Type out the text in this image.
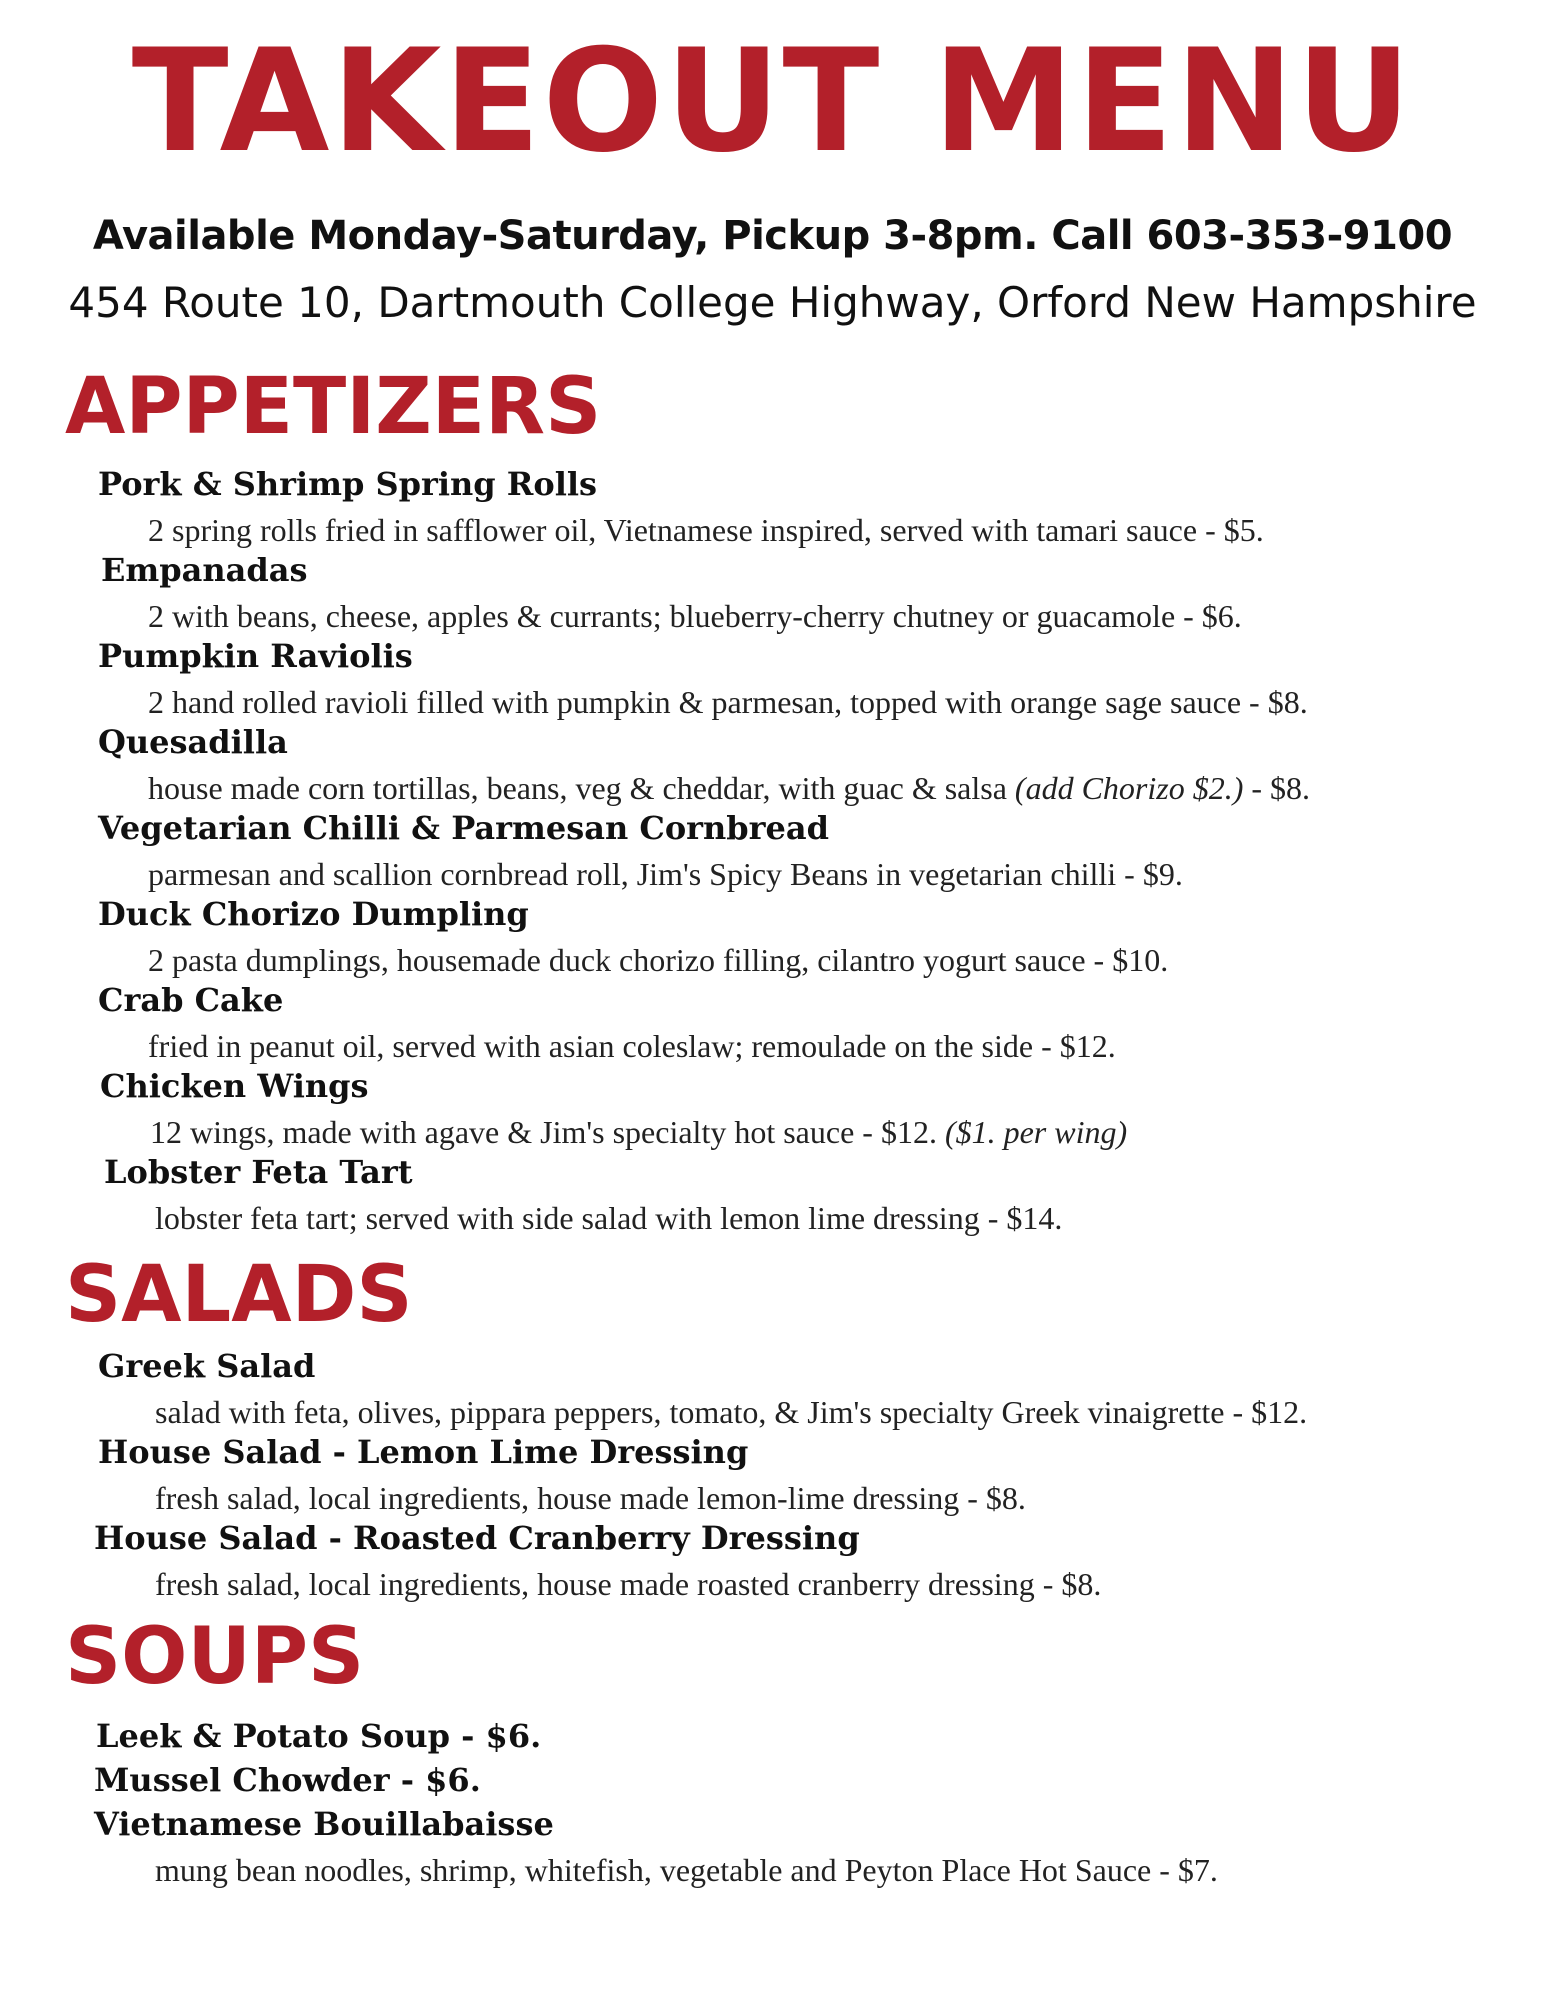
TAKEOUT MENU
Available Monday-Saturday, Pickup 3-8pm. Call 603-353-9100
454 Route 10, Dartmouth College Highway, Orford New Hampshire
APPETIZERS
Pork & Shrimp Spring Rolls
2 spring rolls fried in safflower oil, Vietnamese inspired, served with tamari sauce - $5.
Empanadas
2 with beans, cheese, apples & currants; blueberry-cherry chutney or guacamole - $6.
Pumpkin Raviolis
2 hand rolled ravioli filled with pumpkin & parmesan, topped with orange sage sauce - $8.
Quesadilla
house made corn tortillas, beans, veg & cheddar, with guac & salsa (add Chorizo $2.) - $8.
Vegetarian Chilli & Parmesan Cornbread
parmesan and scallion cornbread roll, Jim's Spicy Beans in vegetarian chilli - $9.
Duck Chorizo Dumpling
2 pasta dumplings, housemade duck chorizo filling, cilantro yogurt sauce - $10.
Crab Cake
fried in peanut oil, served with asian coleslaw; remoulade on the side - $12.
Chicken Wings
12 wings, made with agave & Jim's specialty hot sauce - $12. ($1. per wing)
Lobster Feta Tart
lobster feta tart; served with side salad with lemon lime dressing - $14.
SALADS
Greek Salad
salad with feta, olives, pippara peppers, tomato, & Jim's specialty Greek vinaigrette - $12.
House Salad - Lemon Lime Dressing
fresh salad, local ingredients, house made lemon-lime dressing - $8.
House Salad - Roasted Cranberry Dressing
fresh salad, local ingredients, house made roasted cranberry dressing - $8.
SOUPS
Leek & Potato Soup - $6.
Mussel Chowder - $6.
Vietnamese Bouillabaisse
mung bean noodles, shrimp, whitefish, vegetable and Peyton Place Hot Sauce - $7.
